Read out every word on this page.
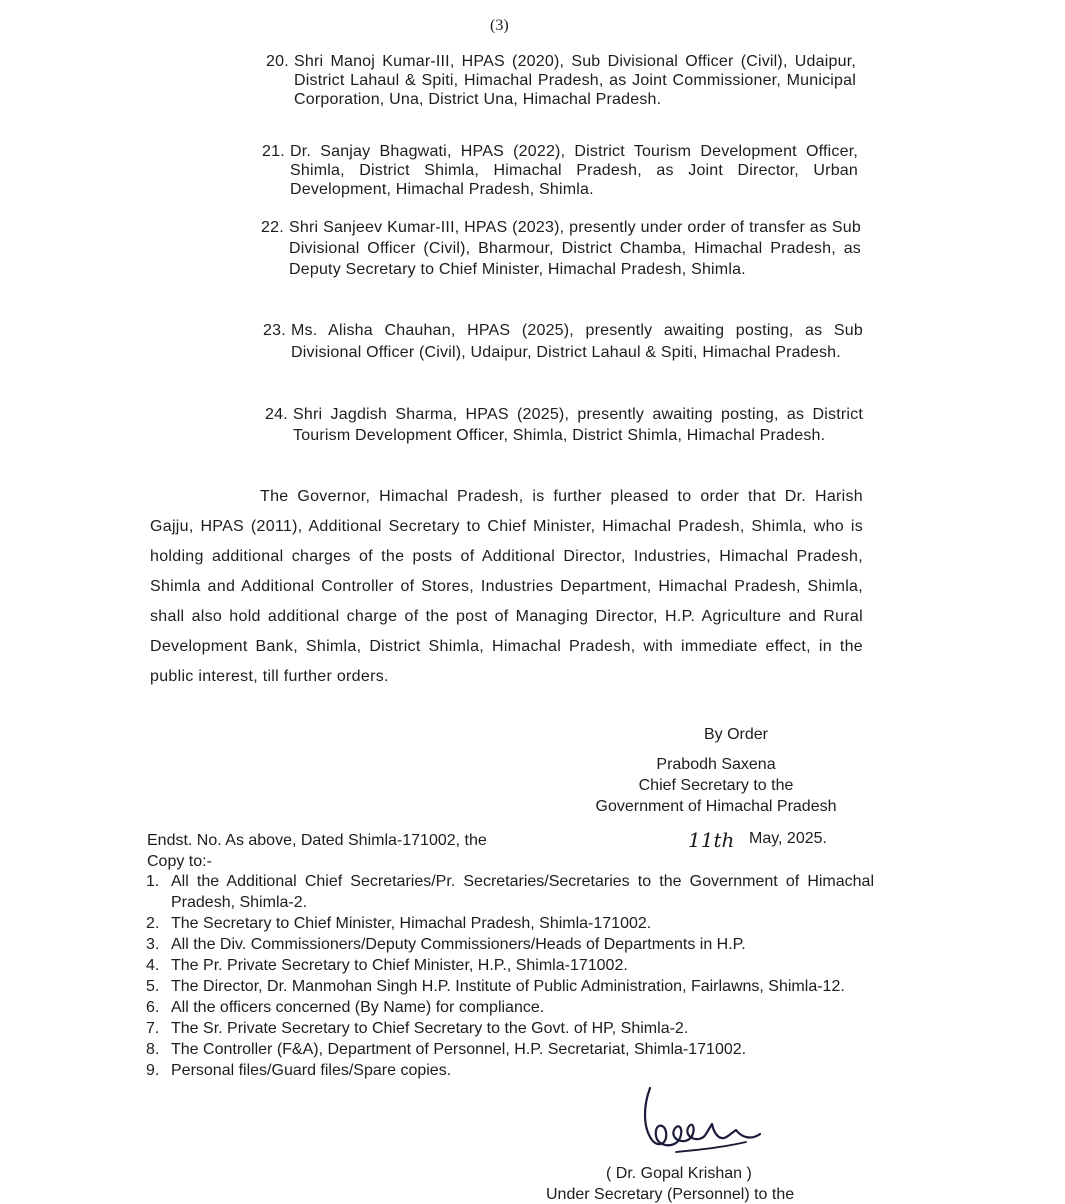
(3)
20. Shri Manoj Kumar-III, HPAS (2020), Sub Divisional Officer (Civil), Udaipur, District Lahaul & Spiti, Himachal Pradesh, as Joint Commissioner, Municipal Corporation, Una, District Una, Himachal Pradesh.
21. Dr. Sanjay Bhagwati, HPAS (2022), District Tourism Development Officer, Shimla, District Shimla, Himachal Pradesh, as Joint Director, Urban Development, Himachal Pradesh, Shimla.
22. Shri Sanjeev Kumar-III, HPAS (2023), presently under order of transfer as Sub Divisional Officer (Civil), Bharmour, District Chamba, Himachal Pradesh, as Deputy Secretary to Chief Minister, Himachal Pradesh, Shimla.
23. Ms. Alisha Chauhan, HPAS (2025), presently awaiting posting, as Sub Divisional Officer (Civil), Udaipur, District Lahaul & Spiti, Himachal Pradesh.
24. Shri Jagdish Sharma, HPAS (2025), presently awaiting posting, as District Tourism Development Officer, Shimla, District Shimla, Himachal Pradesh.
The Governor, Himachal Pradesh, is further pleased to order that Dr. Harish Gajju, HPAS (2011), Additional Secretary to Chief Minister, Himachal Pradesh, Shimla, who is holding additional charges of the posts of Additional Director, Industries, Himachal Pradesh, Shimla and Additional Controller of Stores, Industries Department, Himachal Pradesh, Shimla, shall also hold additional charge of the post of Managing Director, H.P. Agriculture and Rural Development Bank, Shimla, District Shimla, Himachal Pradesh, with immediate effect, in the public interest, till further orders.
By Order
Prabodh Saxena
Chief Secretary to the
Government of Himachal Pradesh
Endst. No. As above, Dated Shimla-171002, the	11th May, 2025.
Copy to:-
1. All the Additional Chief Secretaries/Pr. Secretaries/Secretaries to the Government of Himachal Pradesh, Shimla-2.
2. The Secretary to Chief Minister, Himachal Pradesh, Shimla-171002.
3. All the Div. Commissioners/Deputy Commissioners/Heads of Departments in H.P.
4. The Pr. Private Secretary to Chief Minister, H.P., Shimla-171002.
5. The Director, Dr. Manmohan Singh H.P. Institute of Public Administration, Fairlawns, Shimla-12.
6. All the officers concerned (By Name) for compliance.
7. The Sr. Private Secretary to Chief Secretary to the Govt. of HP, Shimla-2.
8. The Controller (F&A), Department of Personnel, H.P. Secretariat, Shimla-171002.
9. Personal files/Guard files/Spare copies.
( Dr. Gopal Krishan )
Under Secretary (Personnel) to the
